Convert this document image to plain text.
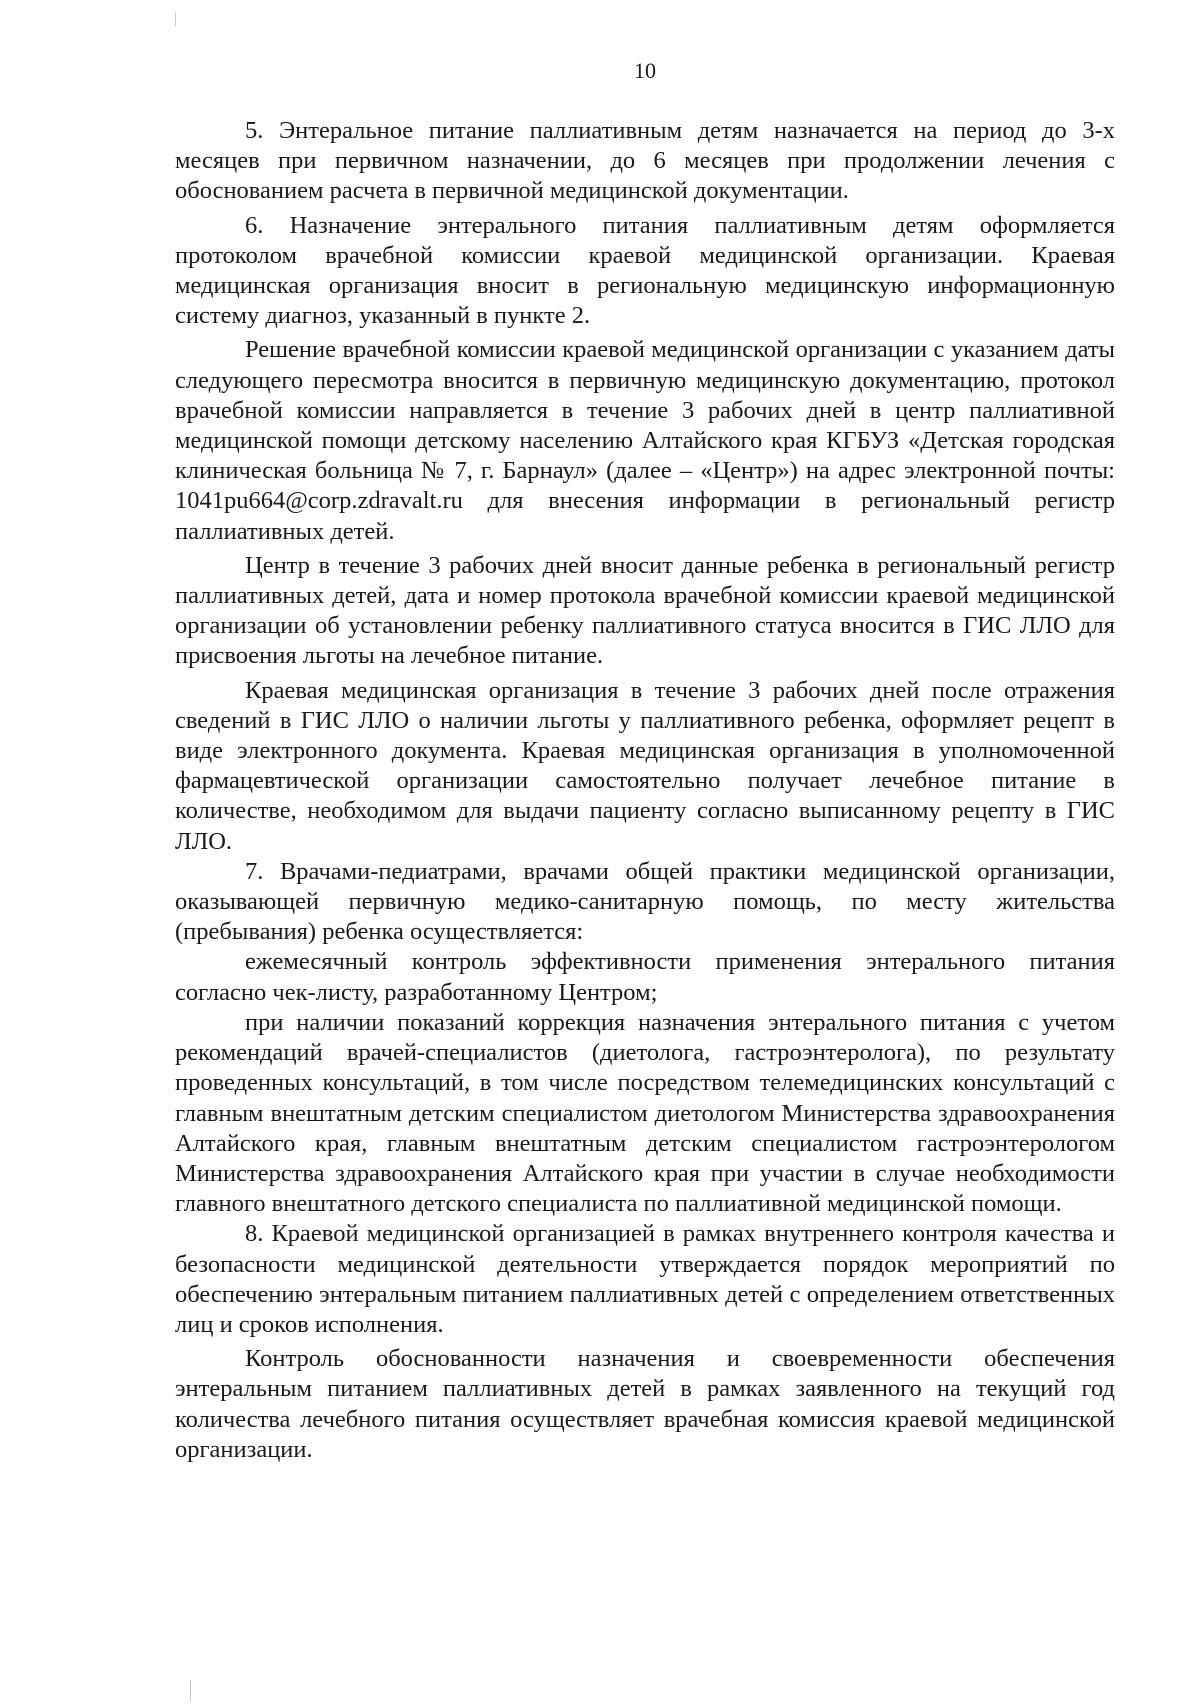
10

5. Энтеральное питание паллиативным детям назначается на период до 3-х месяцев при первичном назначении, до 6 месяцев при продолжении лечения с обоснованием расчета в первичной медицинской документации.

6. Назначение энтерального питания паллиативным детям оформляется протоколом врачебной комиссии краевой медицинской организации. Краевая медицинская организация вносит в региональную медицинскую информационную систему диагноз, указанный в пункте 2.

Решение врачебной комиссии краевой медицинской организации с указанием даты следующего пересмотра вносится в первичную медицинскую документацию, протокол врачебной комиссии направляется в течение 3 рабочих дней в центр паллиативной медицинской помощи детскому населению Алтайского края КГБУЗ «Детская городская клиническая больница № 7, г. Барнаул» (далее – «Центр») на адрес электронной почты: 1041pu664@corp.zdravalt.ru для внесения информации в региональный регистр паллиативных детей.

Центр в течение 3 рабочих дней вносит данные ребенка в региональный регистр паллиативных детей, дата и номер протокола врачебной комиссии краевой медицинской организации об установлении ребенку паллиативного статуса вносится в ГИС ЛЛО для присвоения льготы на лечебное питание.

Краевая медицинская организация в течение 3 рабочих дней после отражения сведений в ГИС ЛЛО о наличии льготы у паллиативного ребенка, оформляет рецепт в виде электронного документа. Краевая медицинская организация в уполномоченной фармацевтической организации самостоятельно получает лечебное питание в количестве, необходимом для выдачи пациенту согласно выписанному рецепту в ГИС ЛЛО.

7. Врачами-педиатрами, врачами общей практики медицинской организации, оказывающей первичную медико-санитарную помощь, по месту жительства (пребывания) ребенка осуществляется:

ежемесячный контроль эффективности применения энтерального питания согласно чек-листу, разработанному Центром;

при наличии показаний коррекция назначения энтерального питания с учетом рекомендаций врачей-специалистов (диетолога, гастроэнтеролога), по результату проведенных консультаций, в том числе посредством телемедицинских консультаций с главным внештатным детским специалистом диетологом Министерства здравоохранения Алтайского края, главным внештатным детским специалистом гастроэнтерологом Министерства здравоохранения Алтайского края при участии в случае необходимости главного внештатного детского специалиста по паллиативной медицинской помощи.

8. Краевой медицинской организацией в рамках внутреннего контроля качества и безопасности медицинской деятельности утверждается порядок мероприятий по обеспечению энтеральным питанием паллиативных детей с определением ответственных лиц и сроков исполнения.

Контроль обоснованности назначения и своевременности обеспечения энтеральным питанием паллиативных детей в рамках заявленного на текущий год количества лечебного питания осуществляет врачебная комиссия краевой медицинской организации.
